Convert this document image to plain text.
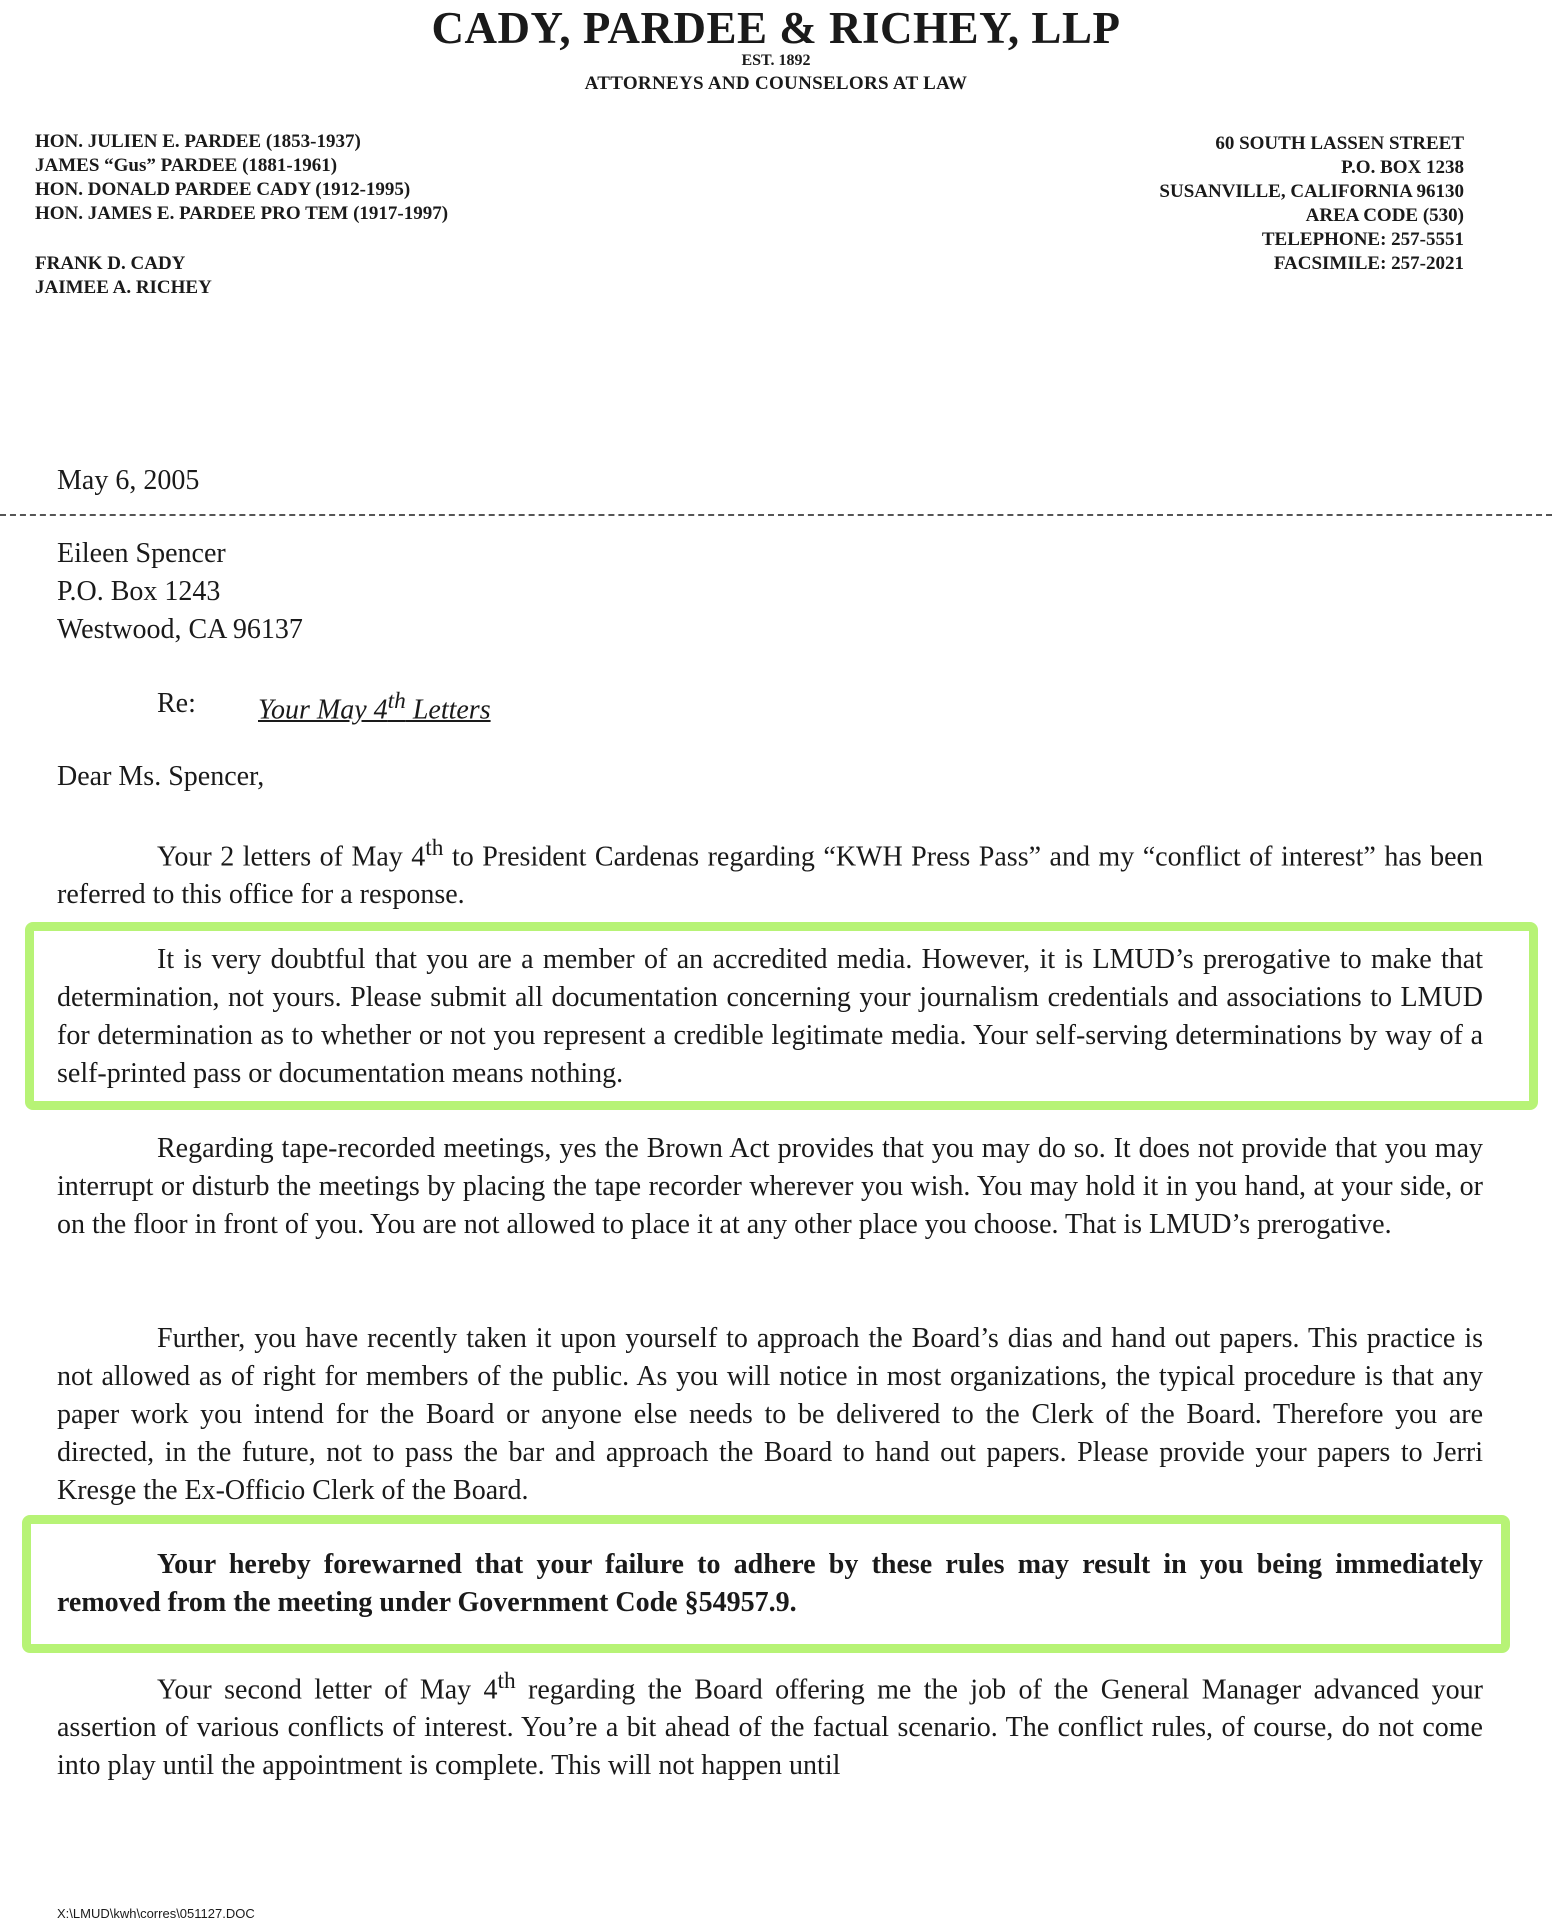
CADY, PARDEE & RICHEY, LLP
EST. 1892
ATTORNEYS AND COUNSELORS AT LAW
HON. JULIEN E. PARDEE (1853-1937)
JAMES “Gus” PARDEE (1881-1961)
HON. DONALD PARDEE CADY (1912-1995)
HON. JAMES E. PARDEE PRO TEM (1917-1997)
FRANK D. CADY
JAIMEE A. RICHEY
60 SOUTH LASSEN STREET
P.O. BOX 1238
SUSANVILLE, CALIFORNIA 96130
AREA CODE (530)
TELEPHONE: 257-5551
FACSIMILE: 257-2021
May 6, 2005
Eileen Spencer
P.O. Box 1243
Westwood, CA 96137
Re: Your May 4th Letters
Dear Ms. Spencer,
Your 2 letters of May 4th to President Cardenas regarding “KWH Press Pass” and my “conflict of interest” has been referred to this office for a response.
It is very doubtful that you are a member of an accredited media. However, it is LMUD’s prerogative to make that determination, not yours. Please submit all documentation concerning your journalism credentials and associations to LMUD for determination as to whether or not you represent a credible legitimate media. Your self-serving determinations by way of a self-printed pass or documentation means nothing.
Regarding tape-recorded meetings, yes the Brown Act provides that you may do so. It does not provide that you may interrupt or disturb the meetings by placing the tape recorder wherever you wish. You may hold it in you hand, at your side, or on the floor in front of you. You are not allowed to place it at any other place you choose. That is LMUD’s prerogative.
Further, you have recently taken it upon yourself to approach the Board’s dias and hand out papers. This practice is not allowed as of right for members of the public. As you will notice in most organizations, the typical procedure is that any paper work you intend for the Board or anyone else needs to be delivered to the Clerk of the Board. Therefore you are directed, in the future, not to pass the bar and approach the Board to hand out papers. Please provide your papers to Jerri Kresge the Ex-Officio Clerk of the Board.
Your hereby forewarned that your failure to adhere by these rules may result in you being immediately removed from the meeting under Government Code §54957.9.
Your second letter of May 4th regarding the Board offering me the job of the General Manager advanced your assertion of various conflicts of interest. You’re a bit ahead of the factual scenario. The conflict rules, of course, do not come into play until the appointment is complete. This will not happen until
X:\LMUD\kwh\corres\051127.DOC
